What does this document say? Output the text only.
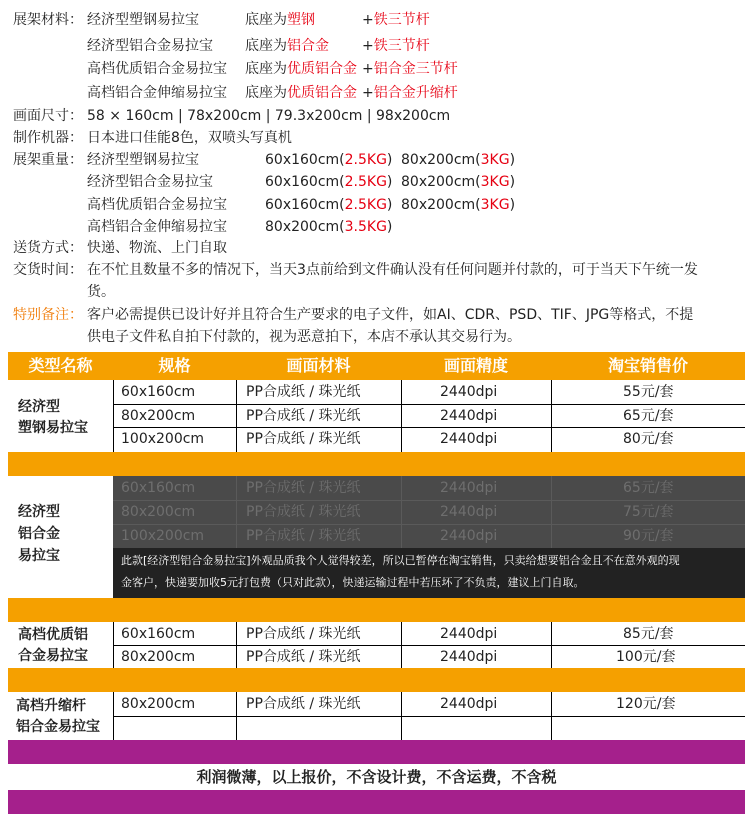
展架材料： 经济型塑钢易拉宝	底座为塑钢	+铁三节杆
经济型铝合金易拉宝 底座为铝合金 +铁三节杆
高档优质铝合金易拉宝 底座为优质铝合金 +铝合金三节杆
高档铝合金伸缩易拉宝 底座为优质铝合金 +铝合金升缩杆
画面尺寸： 58 × 160cm | 78x200cm | 79.3x200cm | 98x200cm
制作机器： 日本进口佳能8色，双喷头写真机
展架重量： 经济型塑钢易拉宝	60x160cm(2.5KG) 80x200cm(3KG)
经济型铝合金易拉宝	60x160cm(2.5KG) 80x200cm(3KG)
高档优质铝合金易拉宝	60x160cm(2.5KG) 80x200cm(3KG)
高档铝合金伸缩易拉宝	80x200cm(3.5KG)
送货方式： 快递、物流、上门自取
交货时间： 在不忙且数量不多的情况下，当天3点前给到文件确认没有任何问题并付款的，可于当天下午统一发
货。
特别备注： 客户必需提供已设计好并且符合生产要求的电子文件，如AI、CDR、PSD、TIF、JPG等格式，不提
供电子文件私自拍下付款的，视为恶意拍下，本店不承认其交易行为。
类型名称	规格	画面材料	画面精度	淘宝销售价
经济型
塑钢易拉宝
60x160cm	PP合成纸 / 珠光纸	2440dpi	55元/套
80x200cm	PP合成纸 / 珠光纸	2440dpi	65元/套
100x200cm	PP合成纸 / 珠光纸	2440dpi	80元/套
经济型
铝合金
易拉宝
60x160cm	PP合成纸 / 珠光纸	2440dpi	65元/套
80x200cm	PP合成纸 / 珠光纸	2440dpi	75元/套
100x200cm	PP合成纸 / 珠光纸	2440dpi	90元/套
此款[经济型铝合金易拉宝]外观品质我个人觉得较差，所以已暂停在淘宝销售，只卖给想要铝合金且不在意外观的现
金客户，快递要加收5元打包费（只对此款），快递运输过程中若压坏了不负责，建议上门自取。
高档优质铝
合金易拉宝
60x160cm	PP合成纸 / 珠光纸	2440dpi	85元/套
80x200cm	PP合成纸 / 珠光纸	2440dpi	100元/套
高档升缩杆
铝合金易拉宝
80x200cm	PP合成纸 / 珠光纸	2440dpi	120元/套
利润微薄，以上报价，不含设计费，不含运费，不含税
